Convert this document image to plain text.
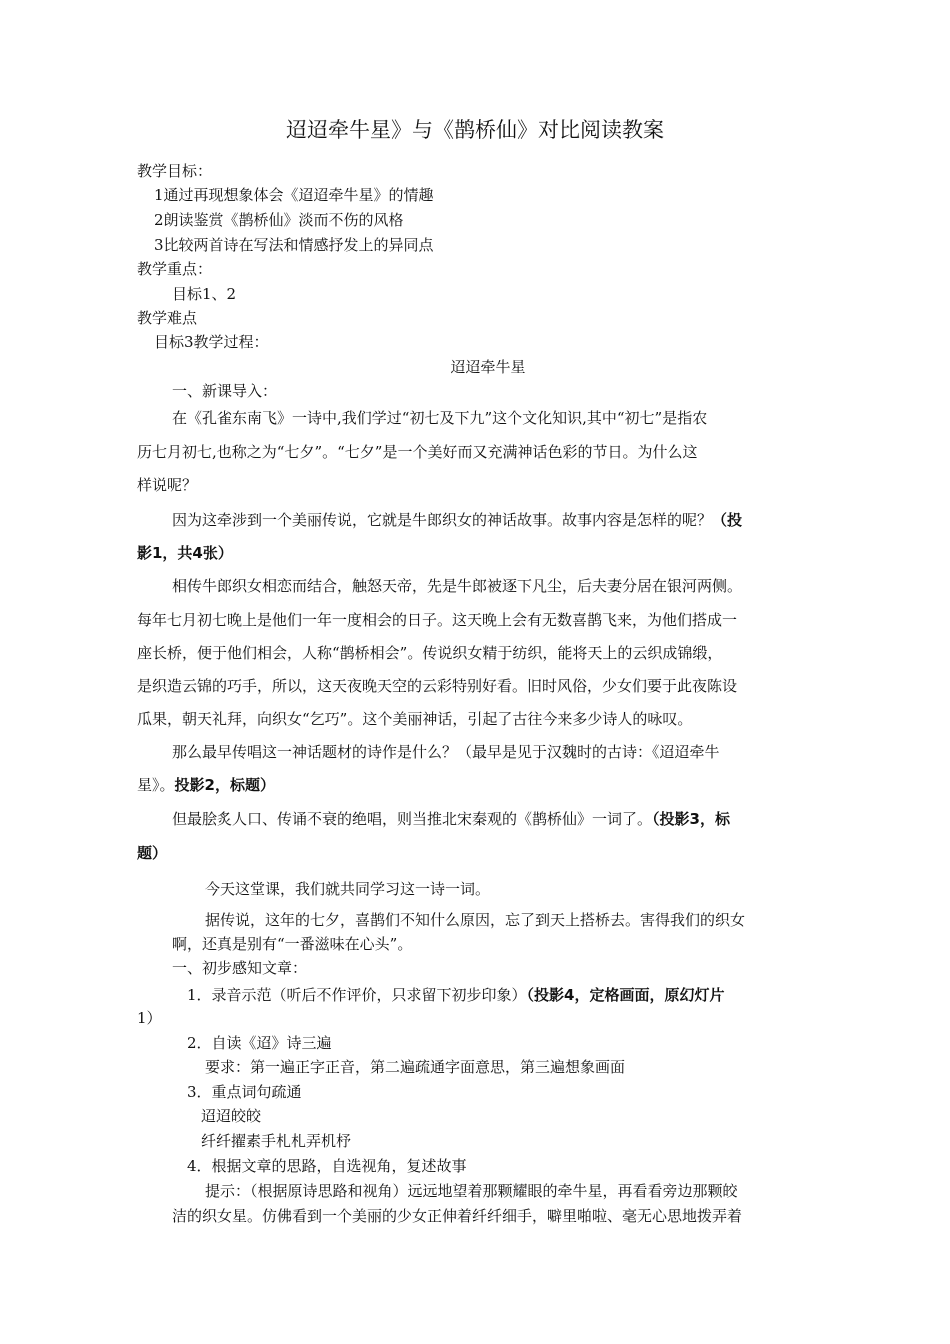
迢迢牵牛星》与《鹊桥仙》对比阅读教案
教学目标：
1通过再现想象体会《迢迢牵牛星》的情趣
2朗读鉴赏《鹊桥仙》淡而不伤的风格
3比较两首诗在写法和情感抒发上的异同点
教学重点：
目标1、2
教学难点
目标3教学过程：
迢迢牵牛星
一、新课导入：
在《孔雀东南飞》一诗中,我们学过“初七及下九”这个文化知识,其中“初七”是指农
历七月初七,也称之为“七夕”。“七夕”是一个美好而又充满神话色彩的节日。为什么这
样说呢？
因为这牵涉到一个美丽传说，它就是牛郎织女的神话故事。故事内容是怎样的呢？（投
影1，共4张）
相传牛郎织女相恋而结合，触怒天帝，先是牛郎被逐下凡尘，后夫妻分居在银河两侧。
每年七月初七晚上是他们一年一度相会的日子。这天晚上会有无数喜鹊飞来，为他们搭成一
座长桥，便于他们相会，人称“鹊桥相会”。传说织女精于纺织，能将天上的云织成锦缎，
是织造云锦的巧手，所以，这天夜晚天空的云彩特别好看。旧时风俗，少女们要于此夜陈设
瓜果，朝天礼拜，向织女“乞巧”。这个美丽神话，引起了古往今来多少诗人的咏叹。
那么最早传唱这一神话题材的诗作是什么？（最早是见于汉魏时的古诗：《迢迢牵牛
星》。投影2，标题）
但最脍炙人口、传诵不衰的绝唱，则当推北宋秦观的《鹊桥仙》一词了。（投影3，标
题）
今天这堂课，我们就共同学习这一诗一词。
据传说，这年的七夕，喜鹊们不知什么原因，忘了到天上搭桥去。害得我们的织女
啊，还真是别有“一番滋味在心头”。
一、初步感知文章：
1．录音示范（听后不作评价，只求留下初步印象）（投影4，定格画面，原幻灯片
1）
2．自读《迢》诗三遍
要求：第一遍正字正音，第二遍疏通字面意思，第三遍想象画面
3．重点词句疏通
迢迢皎皎
纤纤擢素手札札弄机杼
4．根据文章的思路，自选视角，复述故事
提示：（根据原诗思路和视角）远远地望着那颗耀眼的牵牛星，再看看旁边那颗皎
洁的织女星。仿佛看到一个美丽的少女正伸着纤纤细手，噼里啪啦、毫无心思地拨弄着
